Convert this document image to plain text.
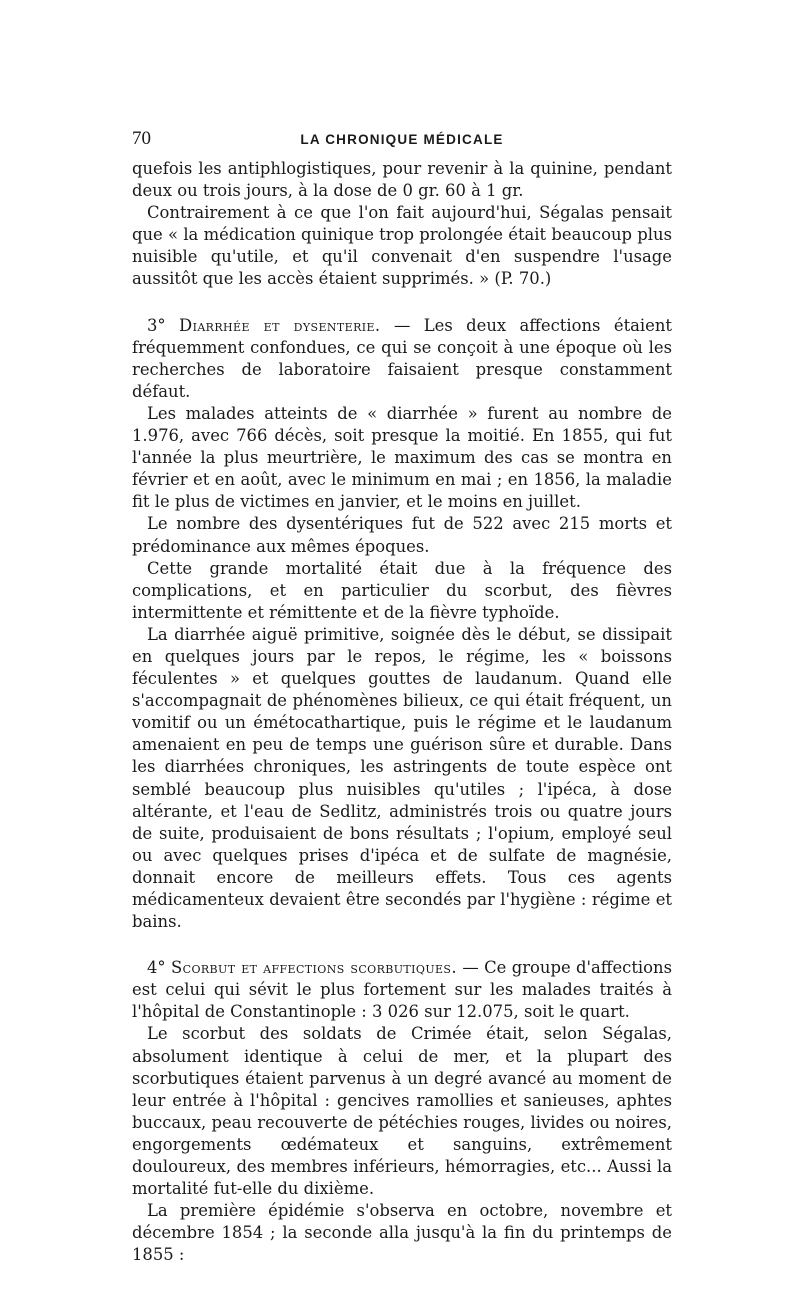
70	LA CHRONIQUE MÉDICALE

quefois les antiphlogistiques, pour revenir à la quinine, pendant deux ou trois jours, à la dose de 0 gr. 60 à 1 gr.

Contrairement à ce que l'on fait aujourd'hui, Ségalas pensait que « la médication quinique trop prolongée était beaucoup plus nuisible qu'utile, et qu'il convenait d'en suspendre l'usage aussitôt que les accès étaient supprimés. » (P. 70.)

3° Diarrhée et dysenterie. — Les deux affections étaient fréquemment confondues, ce qui se conçoit à une époque où les recherches de laboratoire faisaient presque constamment défaut.

Les malades atteints de « diarrhée » furent au nombre de 1.976, avec 766 décès, soit presque la moitié. En 1855, qui fut l'année la plus meurtrière, le maximum des cas se montra en février et en août, avec le minimum en mai ; en 1856, la maladie fit le plus de victimes en janvier, et le moins en juillet.

Le nombre des dysentériques fut de 522 avec 215 morts et prédominance aux mêmes époques.

Cette grande mortalité était due à la fréquence des complications, et en particulier du scorbut, des fièvres intermittente et rémittente et de la fièvre typhoïde.

La diarrhée aiguë primitive, soignée dès le début, se dissipait en quelques jours par le repos, le régime, les « boissons féculentes » et quelques gouttes de laudanum. Quand elle s'accompagnait de phénomènes bilieux, ce qui était fréquent, un vomitif ou un émétocathartique, puis le régime et le laudanum amenaient en peu de temps une guérison sûre et durable. Dans les diarrhées chroniques, les astringents de toute espèce ont semblé beaucoup plus nuisibles qu'utiles ; l'ipéca, à dose altérante, et l'eau de Sedlitz, administrés trois ou quatre jours de suite, produisaient de bons résultats ; l'opium, employé seul ou avec quelques prises d'ipéca et de sulfate de magnésie, donnait encore de meilleurs effets. Tous ces agents médicamenteux devaient être secondés par l'hygiène : régime et bains.

4° Scorbut et affections scorbutiques. — Ce groupe d'affections est celui qui sévit le plus fortement sur les malades traités à l'hôpital de Constantinople : 3 026 sur 12.075, soit le quart.

Le scorbut des soldats de Crimée était, selon Ségalas, absolument identique à celui de mer, et la plupart des scorbutiques étaient parvenus à un degré avancé au moment de leur entrée à l'hôpital : gencives ramollies et sanieuses, aphtes buccaux, peau recouverte de pétéchies rouges, livides ou noires, engorgements œdémateux et sanguins, extrêmement douloureux, des membres inférieurs, hémorragies, etc... Aussi la mortalité fut-elle du dixième.

La première épidémie s'observa en octobre, novembre et décembre 1854 ; la seconde alla jusqu'à la fin du printemps de 1855 :
